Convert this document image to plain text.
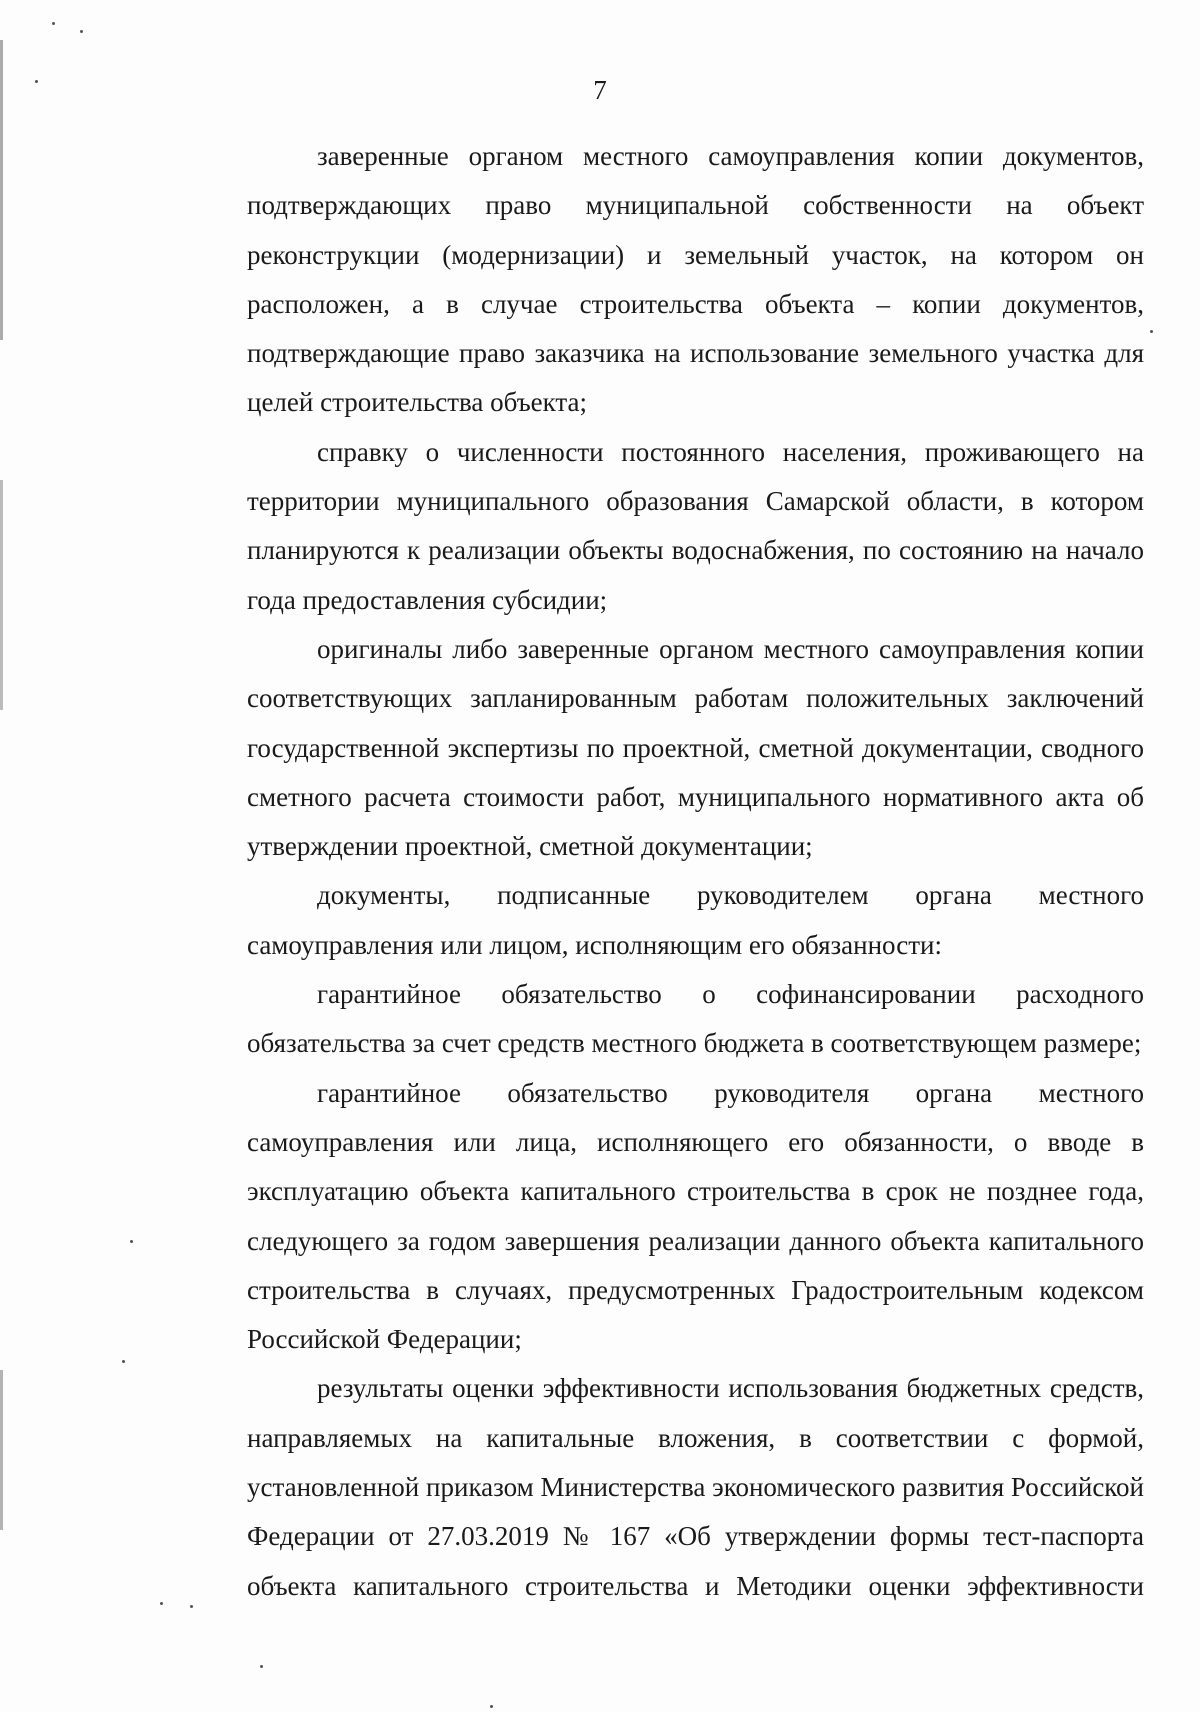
7
заверенные органом местного самоуправления копии документов,
подтверждающих право муниципальной собственности на объект
реконструкции (модернизации) и земельный участок, на котором он
расположен, а в случае строительства объекта – копии документов,
подтверждающие право заказчика на использование земельного участка для
целей строительства объекта;
справку о численности постоянного населения, проживающего на
территории муниципального образования Самарской области, в котором
планируются к реализации объекты водоснабжения, по состоянию на начало
года предоставления субсидии;
оригиналы либо заверенные органом местного самоуправления копии
соответствующих запланированным работам положительных заключений
государственной экспертизы по проектной, сметной документации, сводного
сметного расчета стоимости работ, муниципального нормативного акта об
утверждении проектной, сметной документации;
документы, подписанные руководителем органа местного
самоуправления или лицом, исполняющим его обязанности:
гарантийное обязательство о софинансировании расходного
обязательства за счет средств местного бюджета в соответствующем размере;
гарантийное обязательство руководителя органа местного
самоуправления или лица, исполняющего его обязанности, о вводе в
эксплуатацию объекта капитального строительства в срок не позднее года,
следующего за годом завершения реализации данного объекта капитального
строительства в случаях, предусмотренных Градостроительным кодексом
Российской Федерации;
результаты оценки эффективности использования бюджетных средств,
направляемых на капитальные вложения, в соответствии с формой,
установленной приказом Министерства экономического развития Российской
Федерации от 27.03.2019 № 167 «Об утверждении формы тест-паспорта
объекта капитального строительства и Методики оценки эффективности
